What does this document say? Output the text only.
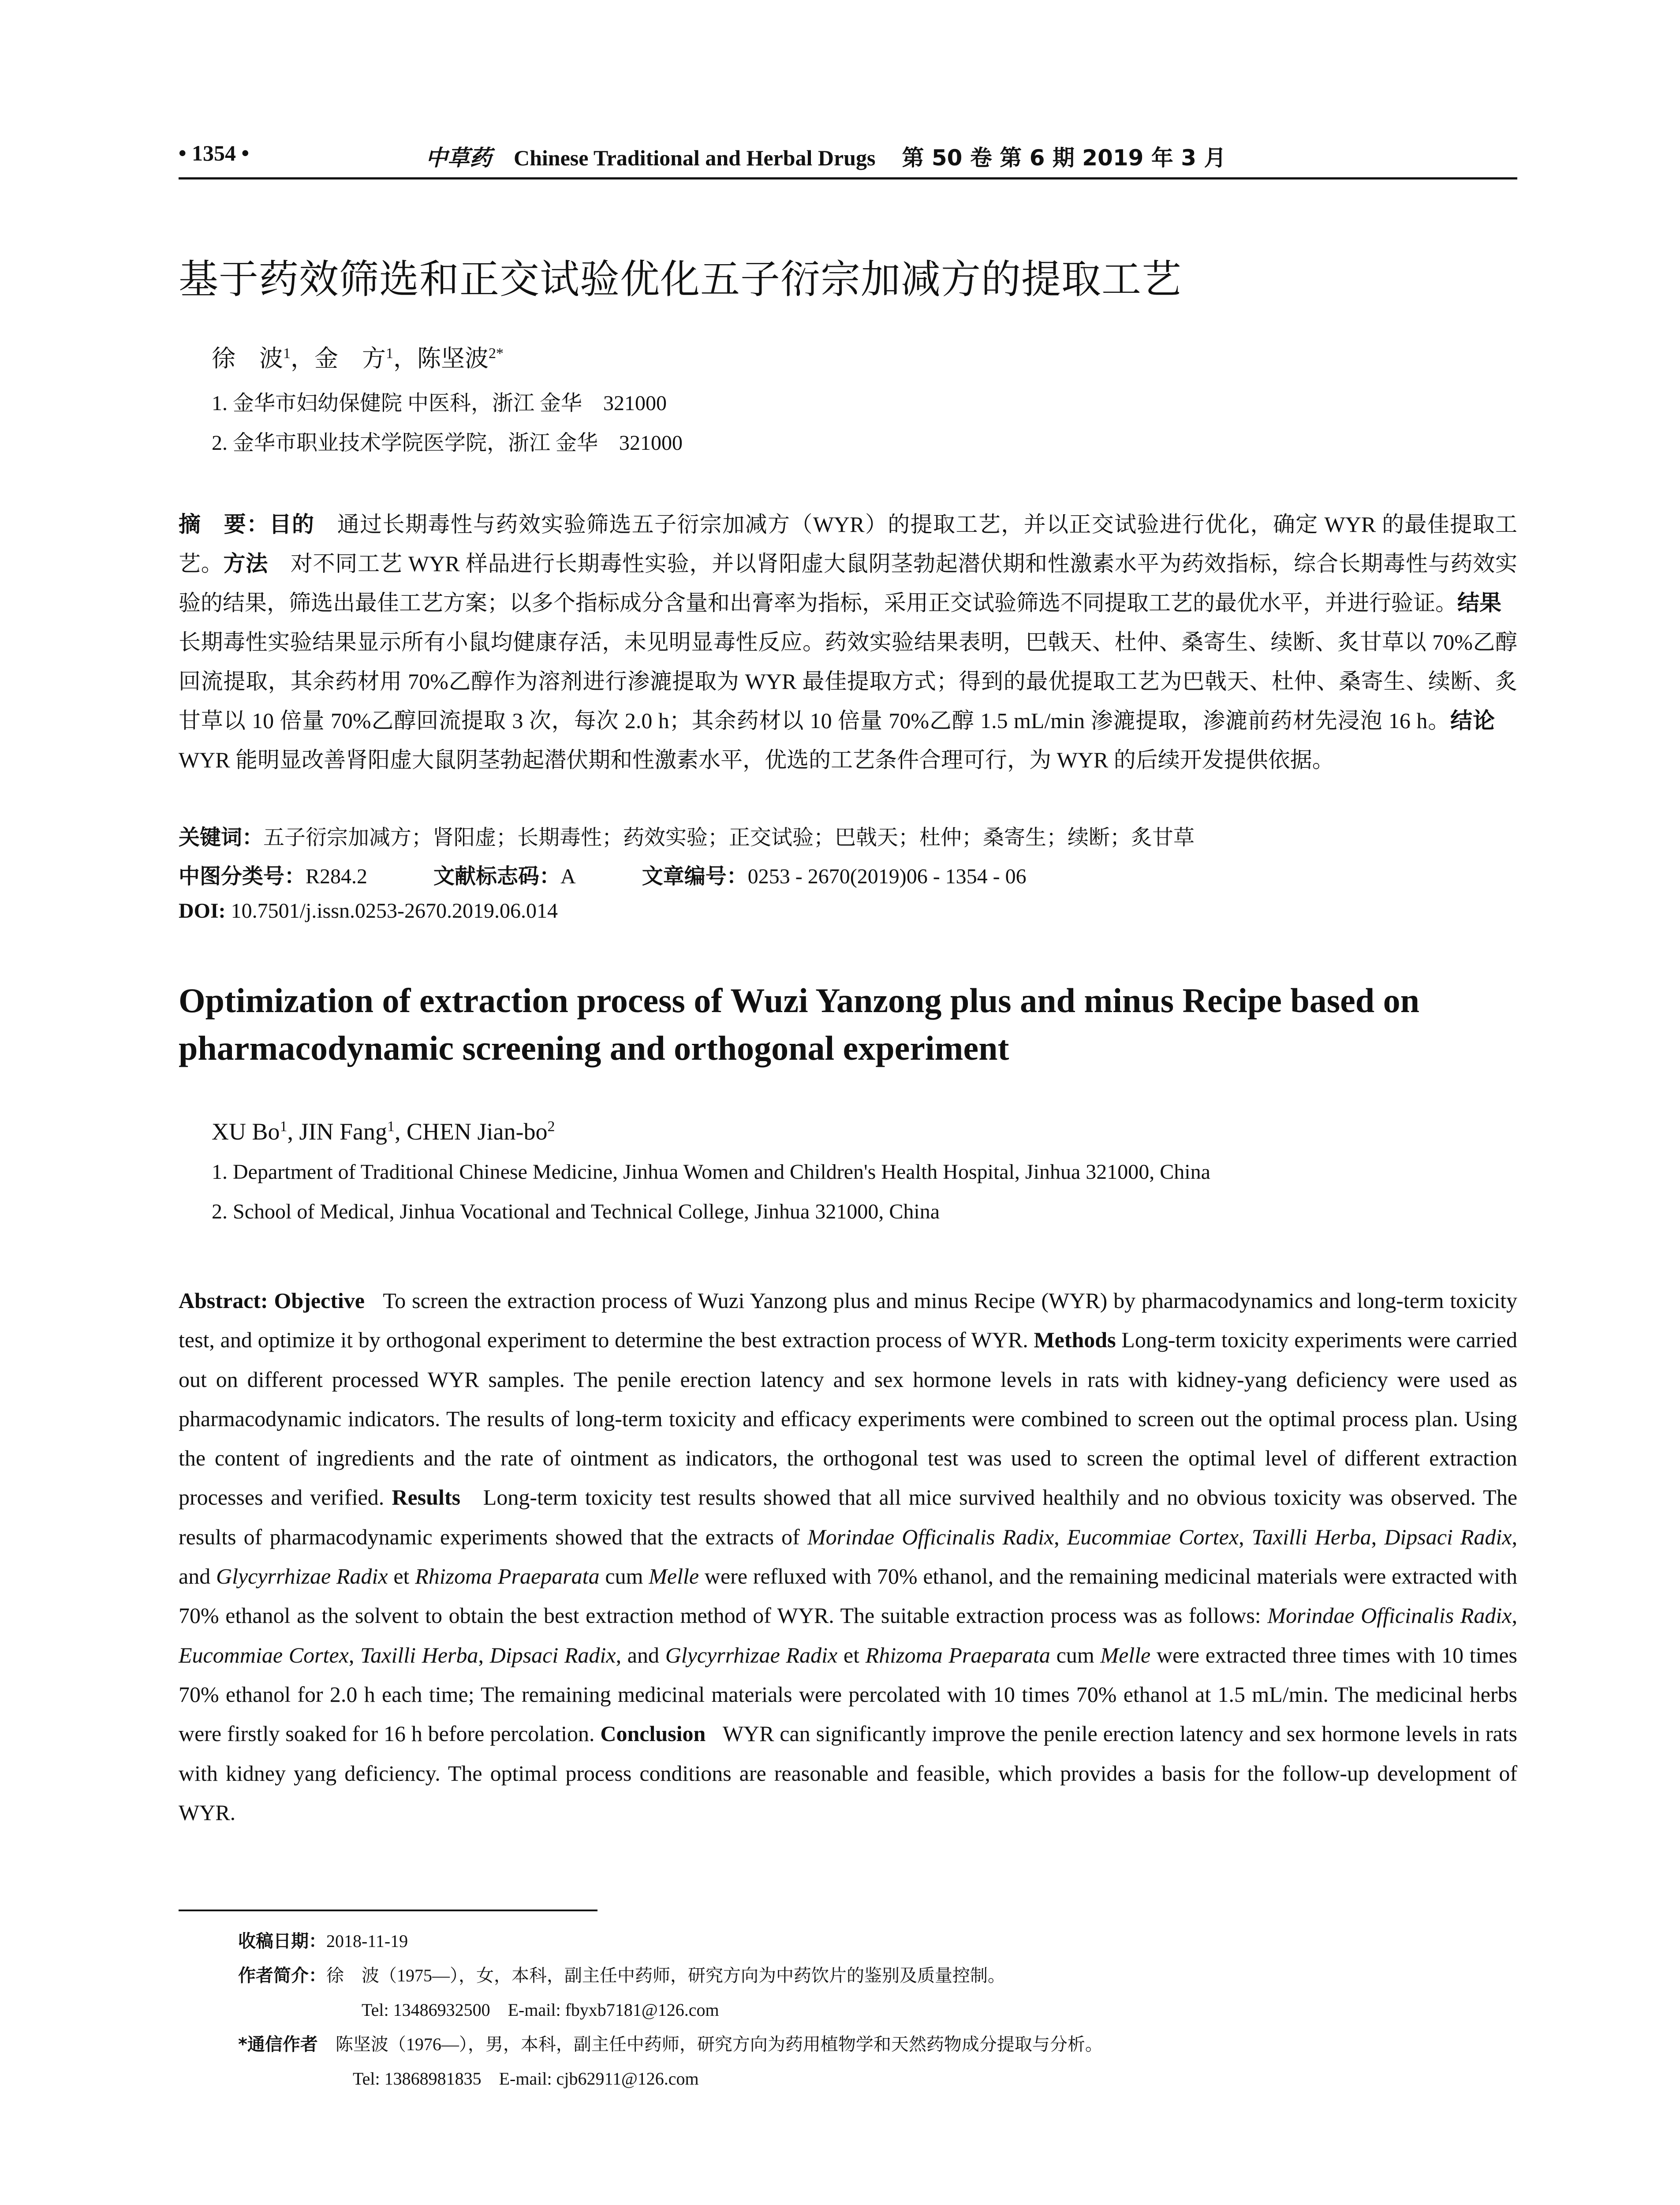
• 1354 •	中草药 Chinese Traditional and Herbal Drugs 第 50 卷 第 6 期 2019 年 3 月
基于药效筛选和正交试验优化五子衍宗加减方的提取工艺
徐　波$^1$，金　方$^1$，陈坚波$^{2*}$
1. 金华市妇幼保健院 中医科，浙江 金华　321000
2. 金华市职业技术学院医学院，浙江 金华　321000
摘　要：目的　通过长期毒性与药效实验筛选五子衍宗加减方（WYR）的提取工艺，并以正交试验进行优化，确定 WYR 的最佳提取工艺。方法　对不同工艺 WYR 样品进行长期毒性实验，并以肾阳虚大鼠阴茎勃起潜伏期和性激素水平为药效指标，综合长期毒性与药效实验的结果，筛选出最佳工艺方案；以多个指标成分含量和出膏率为指标，采用正交试验筛选不同提取工艺的最优水平，并进行验证。结果　长期毒性实验结果显示所有小鼠均健康存活，未见明显毒性反应。药效实验结果表明，巴戟天、杜仲、桑寄生、续断、炙甘草以 70%乙醇回流提取，其余药材用 70%乙醇作为溶剂进行渗漉提取为 WYR 最佳提取方式；得到的最优提取工艺为巴戟天、杜仲、桑寄生、续断、炙甘草以 10 倍量 70%乙醇回流提取 3 次，每次 2.0 h；其余药材以 10 倍量 70%乙醇 1.5 mL/min 渗漉提取，渗漉前药材先浸泡 16 h。结论　WYR 能明显改善肾阳虚大鼠阴茎勃起潜伏期和性激素水平，优选的工艺条件合理可行，为 WYR 的后续开发提供依据。
关键词：五子衍宗加减方；肾阳虚；长期毒性；药效实验；正交试验；巴戟天；杜仲；桑寄生；续断；炙甘草
中图分类号：R284.2	文献标志码：A	文章编号：0253 - 2670(2019)06 - 1354 - 06
DOI: 10.7501/j.issn.0253-2670.2019.06.014
Optimization of extraction process of Wuzi Yanzong plus and minus Recipe based on pharmacodynamic screening and orthogonal experiment
XU Bo$^1$, JIN Fang$^1$, CHEN Jian-$bo^2$
1. Department of Traditional Chinese Medicine, Jinhua Women and Children's Health Hospital, Jinhua 321000, China
2. School of Medical, Jinhua Vocational and Technical College, Jinhua 321000, China
Abstract: Objective To screen the extraction process of Wuzi Yanzong plus and minus Recipe (WYR) by pharmacodynamics and long-term toxicity test, and optimize it by orthogonal experiment to determine the best extraction process of WYR. Methods Long-term toxicity experiments were carried out on different processed WYR samples. The penile erection latency and sex hormone levels in rats with kidney-yang deficiency were used as pharmacodynamic indicators. The results of long-term toxicity and efficacy experiments were combined to screen out the optimal process plan. Using the content of ingredients and the rate of ointment as indicators, the orthogonal test was used to screen the optimal level of different extraction processes and verified. Results Long-term toxicity test results showed that all mice survived healthily and no obvious toxicity was observed. The results of pharmacodynamic experiments showed that the extracts of Morindae Officinalis Radix, Eucommiae Cortex, Taxilli Herba, Dipsaci Radix, and Glycyrrhizae Radix et Rhizoma Praeparata cum Melle were refluxed with 70% ethanol, and the remaining medicinal materials were extracted with 70% ethanol as the solvent to obtain the best extraction method of WYR. The suitable extraction process was as follows: Morindae Officinalis Radix, Eucommiae Cortex, Taxilli Herba, Dipsaci Radix, and Glycyrrhizae Radix et Rhizoma Praeparata cum Melle were extracted three times with 10 times 70% ethanol for 2.0 h each time; The remaining medicinal materials were percolated with 10 times 70% ethanol at 1.5 mL/min. The medicinal herbs were firstly soaked for 16 h before percolation. Conclusion WYR can significantly improve the penile erection latency and sex hormone levels in rats with kidney yang deficiency. The optimal process conditions are reasonable and feasible, which provides a basis for the follow-up development of WYR.
收稿日期：2018-11-19
作者简介：徐　波（1975—），女，本科，副主任中药师，研究方向为中药饮片的鉴别及质量控制。
Tel: 13486932500　E-mail: fbyxb7181@126.com
*通信作者　陈坚波（1976—），男，本科，副主任中药师，研究方向为药用植物学和天然药物成分提取与分析。
Tel: 13868981835　E-mail: cjb62911@126.com
